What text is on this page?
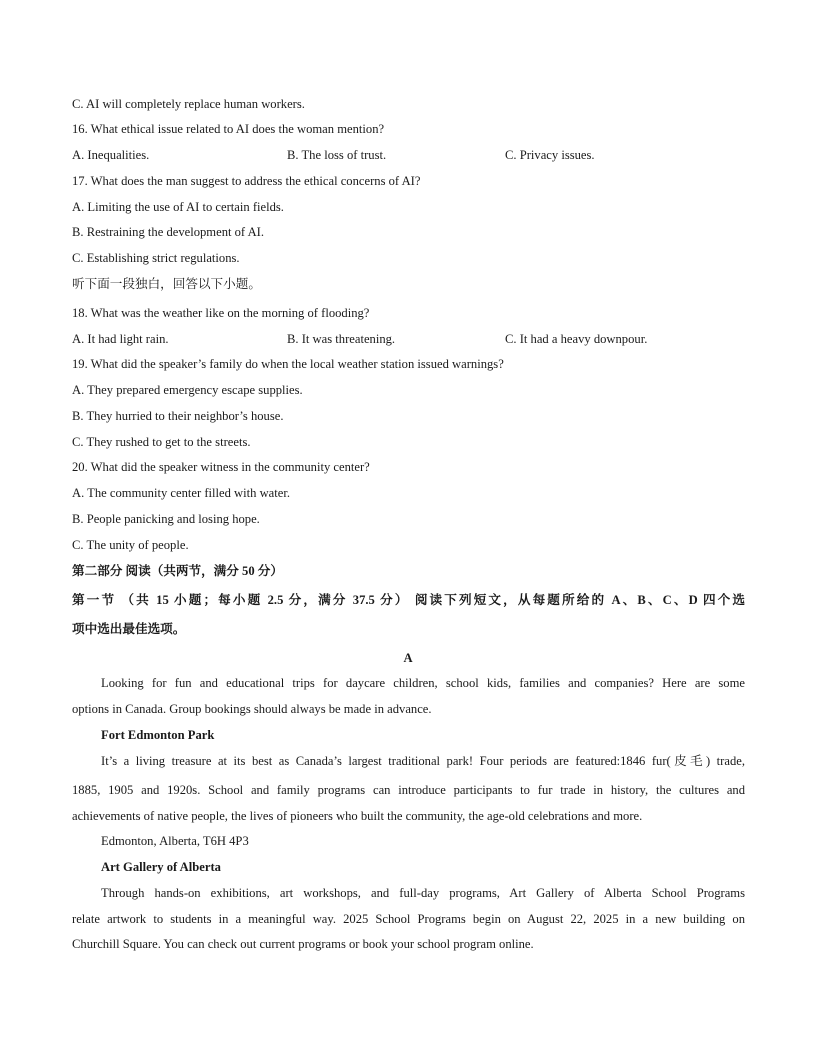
C. AI will completely replace human workers.
16. What ethical issue related to AI does the woman mention?
A. Inequalities.	B. The loss of trust.	C. Privacy issues.
17. What does the man suggest to address the ethical concerns of AI?
A. Limiting the use of AI to certain fields.
B. Restraining the development of AI.
C. Establishing strict regulations.
听下面一段独白，回答以下小题。
18. What was the weather like on the morning of flooding?
A. It had light rain.	B. It was threatening.	C. It had a heavy downpour.
19. What did the speaker’s family do when the local weather station issued warnings?
A. They prepared emergency escape supplies.
B. They hurried to their neighbor’s house.
C. They rushed to get to the streets.
20. What did the speaker witness in the community center?
A. The community center filled with water.
B. People panicking and losing hope.
C. The unity of people.
第二部分 阅读（共两节，满分 50 分）
第一节 （共 15 小题；每小题 2.5 分，满分 37.5 分） 阅读下列短文，从每题所给的 A、B、C、D 四个选
项中选出最佳选项。
A
Looking for fun and educational trips for daycare children, school kids, families and companies? Here are some
options in Canada. Group bookings should always be made in advance.
Fort Edmonton Park
It’s a living treasure at its best as Canada’s largest traditional park! Four periods are featured:1846 fur(皮毛) trade,
1885, 1905 and 1920s. School and family programs can introduce participants to fur trade in history, the cultures and
achievements of native people, the lives of pioneers who built the community, the age-old celebrations and more.
Edmonton, Alberta, T6H 4P3
Art Gallery of Alberta
Through hands-on exhibitions, art workshops, and full-day programs, Art Gallery of Alberta School Programs
relate artwork to students in a meaningful way. 2025 School Programs begin on August 22, 2025 in a new building on
Churchill Square. You can check out current programs or book your school program online.
